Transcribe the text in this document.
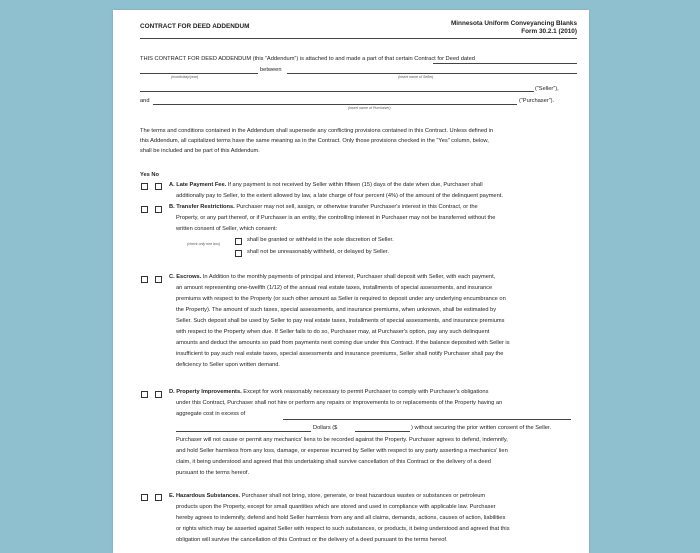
CONTRACT FOR DEED ADDENDUM	Minnesota Uniform Conveyancing Blanks
Form 30.2.1 (2010)
THIS CONTRACT FOR DEED ADDENDUM (this “Addendum”) is attached to and made a part of that certain Contract for Deed dated
between
(month/day/year)	(insert name of Seller)
(“Seller”),
and	(“Purchaser”).
(insert name of Purchaser)
The terms and conditions contained in the Addendum shall supersede any conflicting provisions contained in this Contract. Unless defined in
this Addendum, all capitalized terms have the same meaning as in the Contract. Only those provisions checked in the “Yes” column, below,
shall be included and be part of this Addendum.
Yes No
A. Late Payment Fee. If any payment is not received by Seller within fifteen (15) days of the date when due, Purchaser shall
additionally pay to Seller, to the extent allowed by law, a late charge of four percent (4%) of the amount of the delinquent payment.
B. Transfer Restrictions. Purchaser may not sell, assign, or otherwise transfer Purchaser's interest in this Contract, or the
Property, or any part thereof, or if Purchaser is an entity, the controlling interest in Purchaser may not be transferred without the
written consent of Seller, which consent:
(check only one box)
shall be granted or withheld in the sole discretion of Seller.
shall not be unreasonably withheld, or delayed by Seller.
C. Escrows. In Addition to the monthly payments of principal and interest, Purchaser shall deposit with Seller, with each payment,
an amount representing one-twelfth (1/12) of the annual real estate taxes, installments of special assessments, and insurance
premiums with respect to the Property (or such other amount as Seller is required to deposit under any underlying encumbrance on
the Property). The amount of such taxes, special assessments, and insurance premiums, when unknown, shall be estimated by
Seller. Such deposit shall be used by Seller to pay real estate taxes, installments of special assessments, and insurance premiums
with respect to the Property when due. If Seller fails to do so, Purchaser may, at Purchaser's option, pay any such delinquent
amounts and deduct the amounts so paid from payments next coming due under this Contract. If the balance deposited with Seller is
insufficient to pay such real estate taxes, special assessments and insurance premiums, Seller shall notify Purchaser shall pay the
deficiency to Seller upon written demand.
D. Property Improvements. Except for work reasonably necessary to permit Purchaser to comply with Purchaser's obligations
under this Contract, Purchaser shall not hire or perform any repairs or improvements to or replacements of the Property having an
aggregate cost in excess of
Dollars ($	) without securing the prior written consent of the Seller.
Purchaser will not cause or permit any mechanics' liens to be recorded against the Property. Purchaser agrees to defend, indemnify,
and hold Seller harmless from any loss, damage, or expense incurred by Seller with respect to any party asserting a mechanics' lien
claim, it being understood and agreed that this undertaking shall survive cancellation of this Contract or the delivery of a deed
pursuant to the terms hereof.
E. Hazardous Substances. Purchaser shall not bring, store, generate, or treat hazardous wastes or substances or petroleum
products upon the Property, except for small quantities which are stored and used in compliance with applicable law. Purchaser
hereby agrees to indemnify, defend and hold Seller harmless from any and all claims, demands, actions, causes of action, liabilities
or rights which may be asserted against Seller with respect to such substances, or products, it being understood and agreed that this
obligation will survive the cancellation of this Contract or the delivery of a deed pursuant to the terms hereof.
